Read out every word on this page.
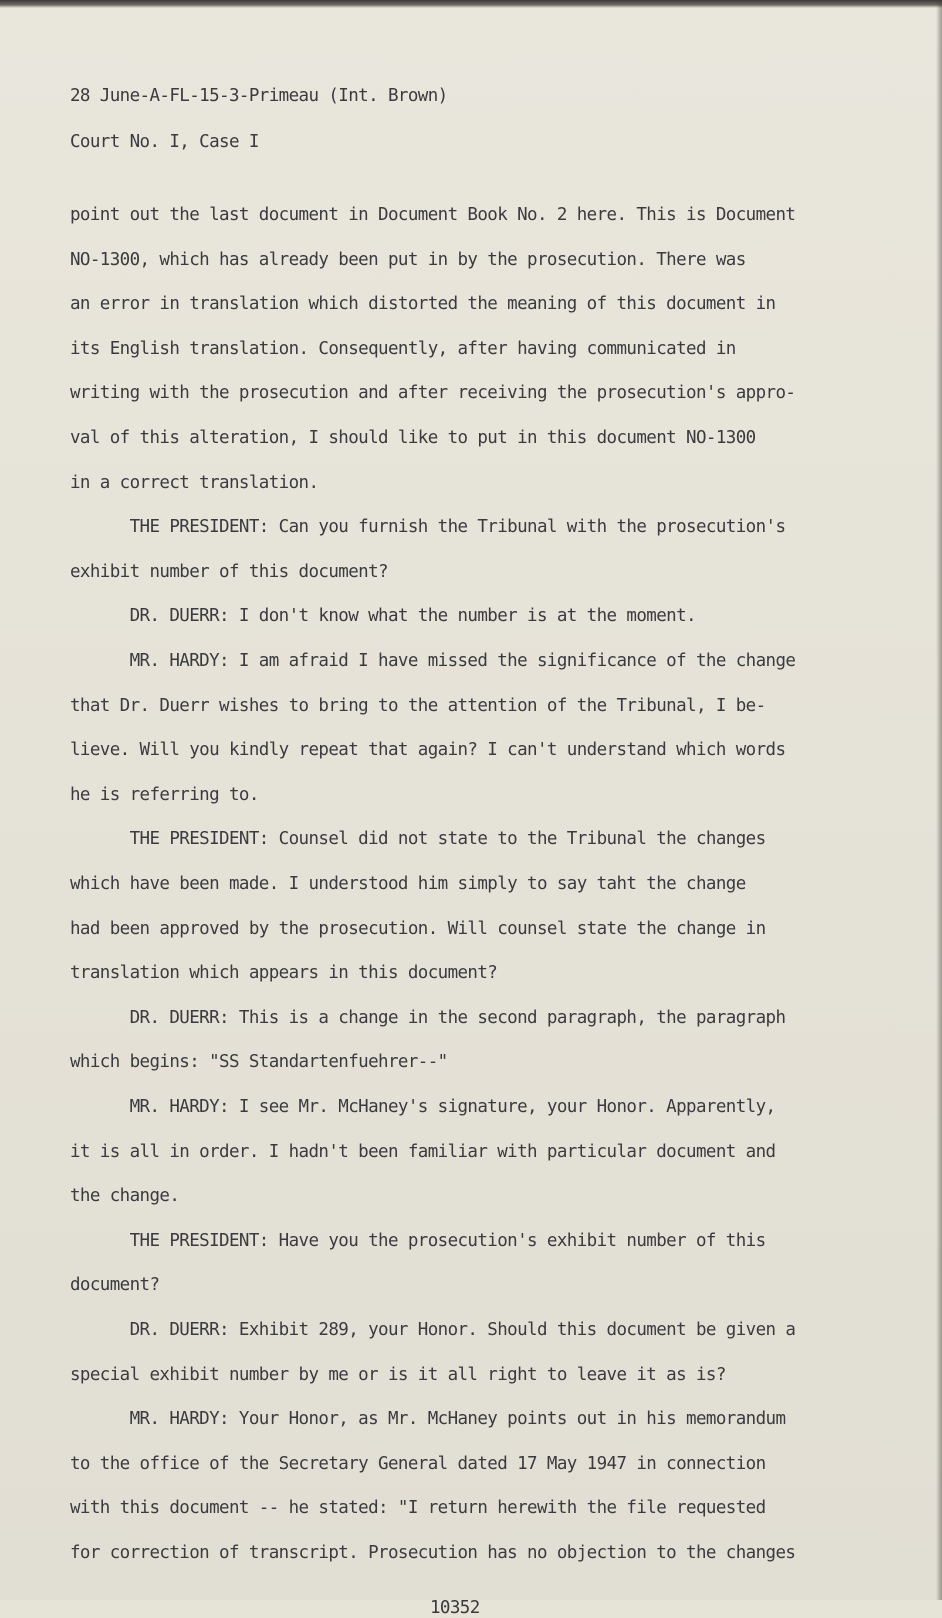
28 June-A-FL-15-3-Primeau (Int. Brown)

Court No. I, Case I

point out the last document in Document Book No. 2 here. This is Document

NO-1300, which has already been put in by the prosecution. There was

an error in translation which distorted the meaning of this document in

its English translation. Consequently, after having communicated in

writing with the prosecution and after receiving the prosecution's appro-

val of this alteration, I should like to put in this document NO-1300

in a correct translation.

THE PRESIDENT: Can you furnish the Tribunal with the prosecution's

exhibit number of this document?

DR. DUERR: I don't know what the number is at the moment.

MR. HARDY: I am afraid I have missed the significance of the change

that Dr. Duerr wishes to bring to the attention of the Tribunal, I be-

lieve. Will you kindly repeat that again? I can't understand which words

he is referring to.

THE PRESIDENT: Counsel did not state to the Tribunal the changes

which have been made. I understood him simply to say taht the change

had been approved by the prosecution. Will counsel state the change in

translation which appears in this document?

DR. DUERR: This is a change in the second paragraph, the paragraph

which begins: "SS Standartenfuehrer--"

MR. HARDY: I see Mr. McHaney's signature, your Honor. Apparently,

it is all in order. I hadn't been familiar with particular document and

the change.

THE PRESIDENT: Have you the prosecution's exhibit number of this

document?

DR. DUERR: Exhibit 289, your Honor. Should this document be given a

special exhibit number by me or is it all right to leave it as is?

MR. HARDY: Your Honor, as Mr. McHaney points out in his memorandum

to the office of the Secretary General dated 17 May 1947 in connection

with this document -- he stated: "I return herewith the file requested

for correction of transcript. Prosecution has no objection to the changes

10352
